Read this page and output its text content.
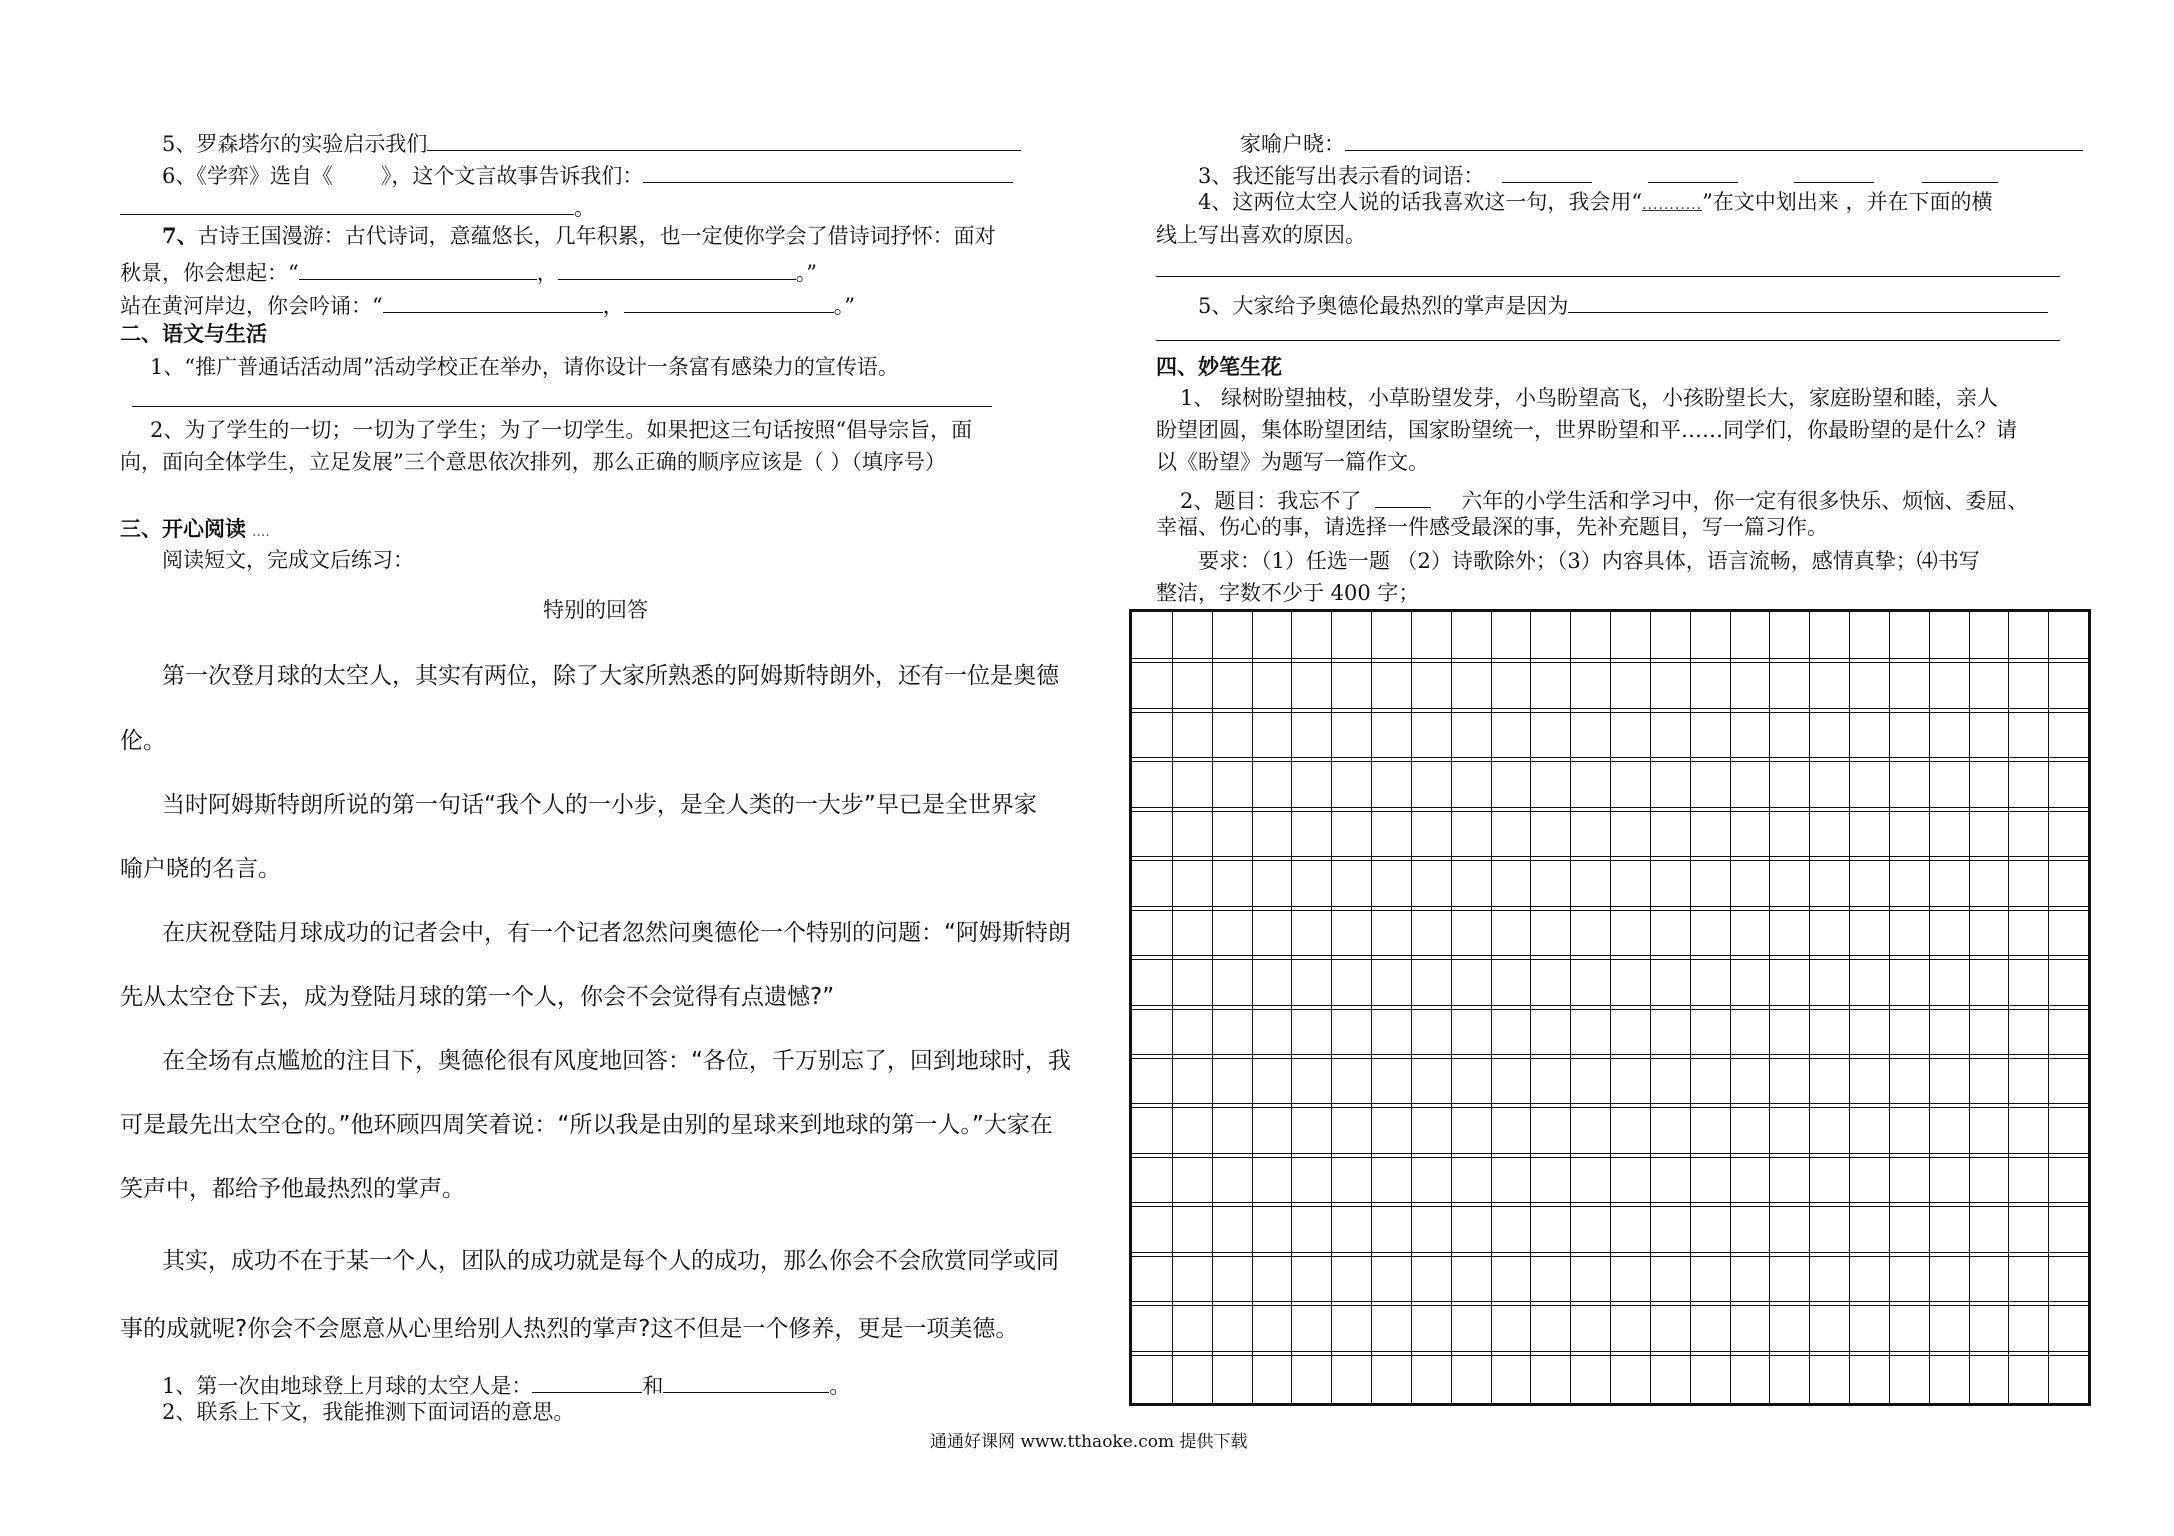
5、罗森塔尔的实验启示我们
6、《学弈》选自《 》，这个文言故事告诉我们：
。
7、古诗王国漫游：古代诗词，意蕴悠长，几年积累，也一定使你学会了借诗词抒怀：面对
秋景，你会想起：“	，	。”
站在黄河岸边，你会吟诵：“	，	。”
二、语文与生活
1、“推广普通话活动周”活动学校正在举办，请你设计一条富有感染力的宣传语。
2、为了学生的一切；一切为了学生；为了一切学生。如果把这三句话按照“倡导宗旨，面
向，面向全体学生，立足发展”三个意思依次排列，那么正确的顺序应该是（ ）（填序号）
三、开心阅读 ....
阅读短文，完成文后练习：
特别的回答
第一次登月球的太空人，其实有两位，除了大家所熟悉的阿姆斯特朗外，还有一位是奥德
伦。
当时阿姆斯特朗所说的第一句话“我个人的一小步，是全人类的一大步”早已是全世界家
喻户晓的名言。
在庆祝登陆月球成功的记者会中，有一个记者忽然问奥德伦一个特别的问题：“阿姆斯特朗
先从太空仓下去，成为登陆月球的第一个人，你会不会觉得有点遗憾?”
在全场有点尴尬的注目下，奥德伦很有风度地回答：“各位，千万别忘了，回到地球时，我
可是最先出太空仓的。”他环顾四周笑着说：“所以我是由别的星球来到地球的第一人。”大家在
笑声中，都给予他最热烈的掌声。
其实，成功不在于某一个人，团队的成功就是每个人的成功，那么你会不会欣赏同学或同
事的成就呢?你会不会愿意从心里给别人热烈的掌声?这不但是一个修养，更是一项美德。
1、第一次由地球登上月球的太空人是：	和	。
2、联系上下文，我能推测下面词语的意思。
家喻户晓：
3、我还能写出表示看的词语：
4、这两位太空人说的话我喜欢这一句，我会用“...........”在文中划出来 ，并在下面的横
线上写出喜欢的原因。
5、大家给予奥德伦最热烈的掌声是因为
四、妙笔生花
1、 绿树盼望抽枝，小草盼望发芽，小鸟盼望高飞，小孩盼望长大，家庭盼望和睦，亲人
盼望团圆，集体盼望团结，国家盼望统一，世界盼望和平……同学们，你最盼望的是什么？请
以《盼望》为题写一篇作文。
2、题目：我忘不了	六年的小学生活和学习中，你一定有很多快乐、烦恼、委屈、
幸福、伤心的事，请选择一件感受最深的事，先补充题目，写一篇习作。
要求：（1）任选一题 （2）诗歌除外；（3）内容具体，语言流畅，感情真挚；⑷书写
整洁，字数不少于 400 字；
通通好课网 www.tthaoke.com 提供下载
